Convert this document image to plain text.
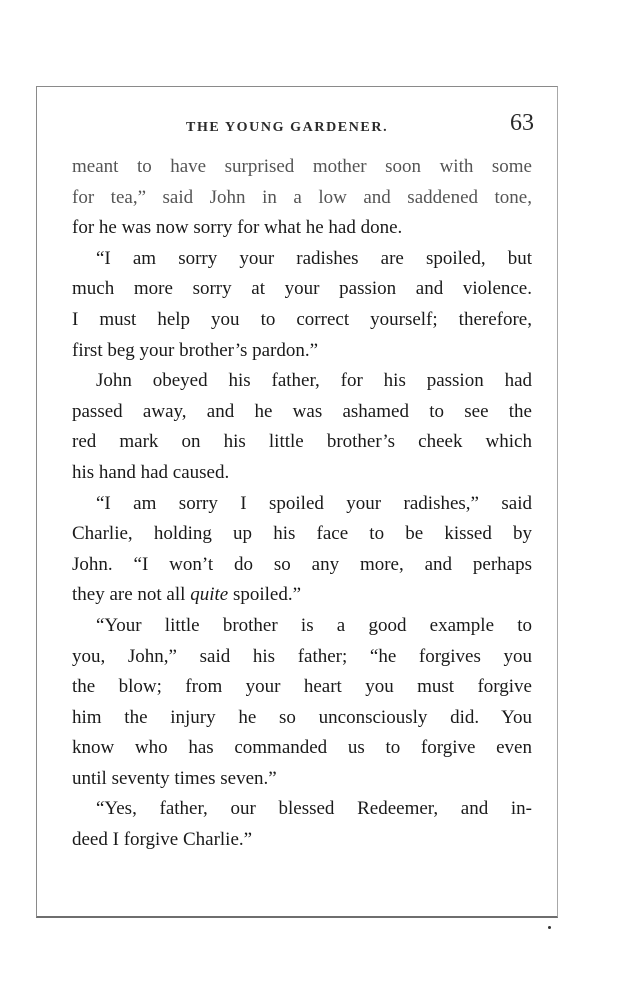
THE YOUNG GARDENER.	63
meant to have surprised mother soon with some
for tea,” said John in a low and saddened tone,
for he was now sorry for what he had done.
“I am sorry your radishes are spoiled, but
much more sorry at your passion and violence.
I must help you to correct yourself; therefore,
first beg your brother’s pardon.”
John obeyed his father, for his passion had
passed away, and he was ashamed to see the
red mark on his little brother’s cheek which
his hand had caused.
“I am sorry I spoiled your radishes,” said
Charlie, holding up his face to be kissed by
John. “I won’t do so any more, and perhaps
they are not all quite spoiled.”
“Your little brother is a good example to
you, John,” said his father; “he forgives you
the blow; from your heart you must forgive
him the injury he so unconsciously did. You
know who has commanded us to forgive even
until seventy times seven.”
“Yes, father, our blessed Redeemer, and in-
deed I forgive Charlie.”
